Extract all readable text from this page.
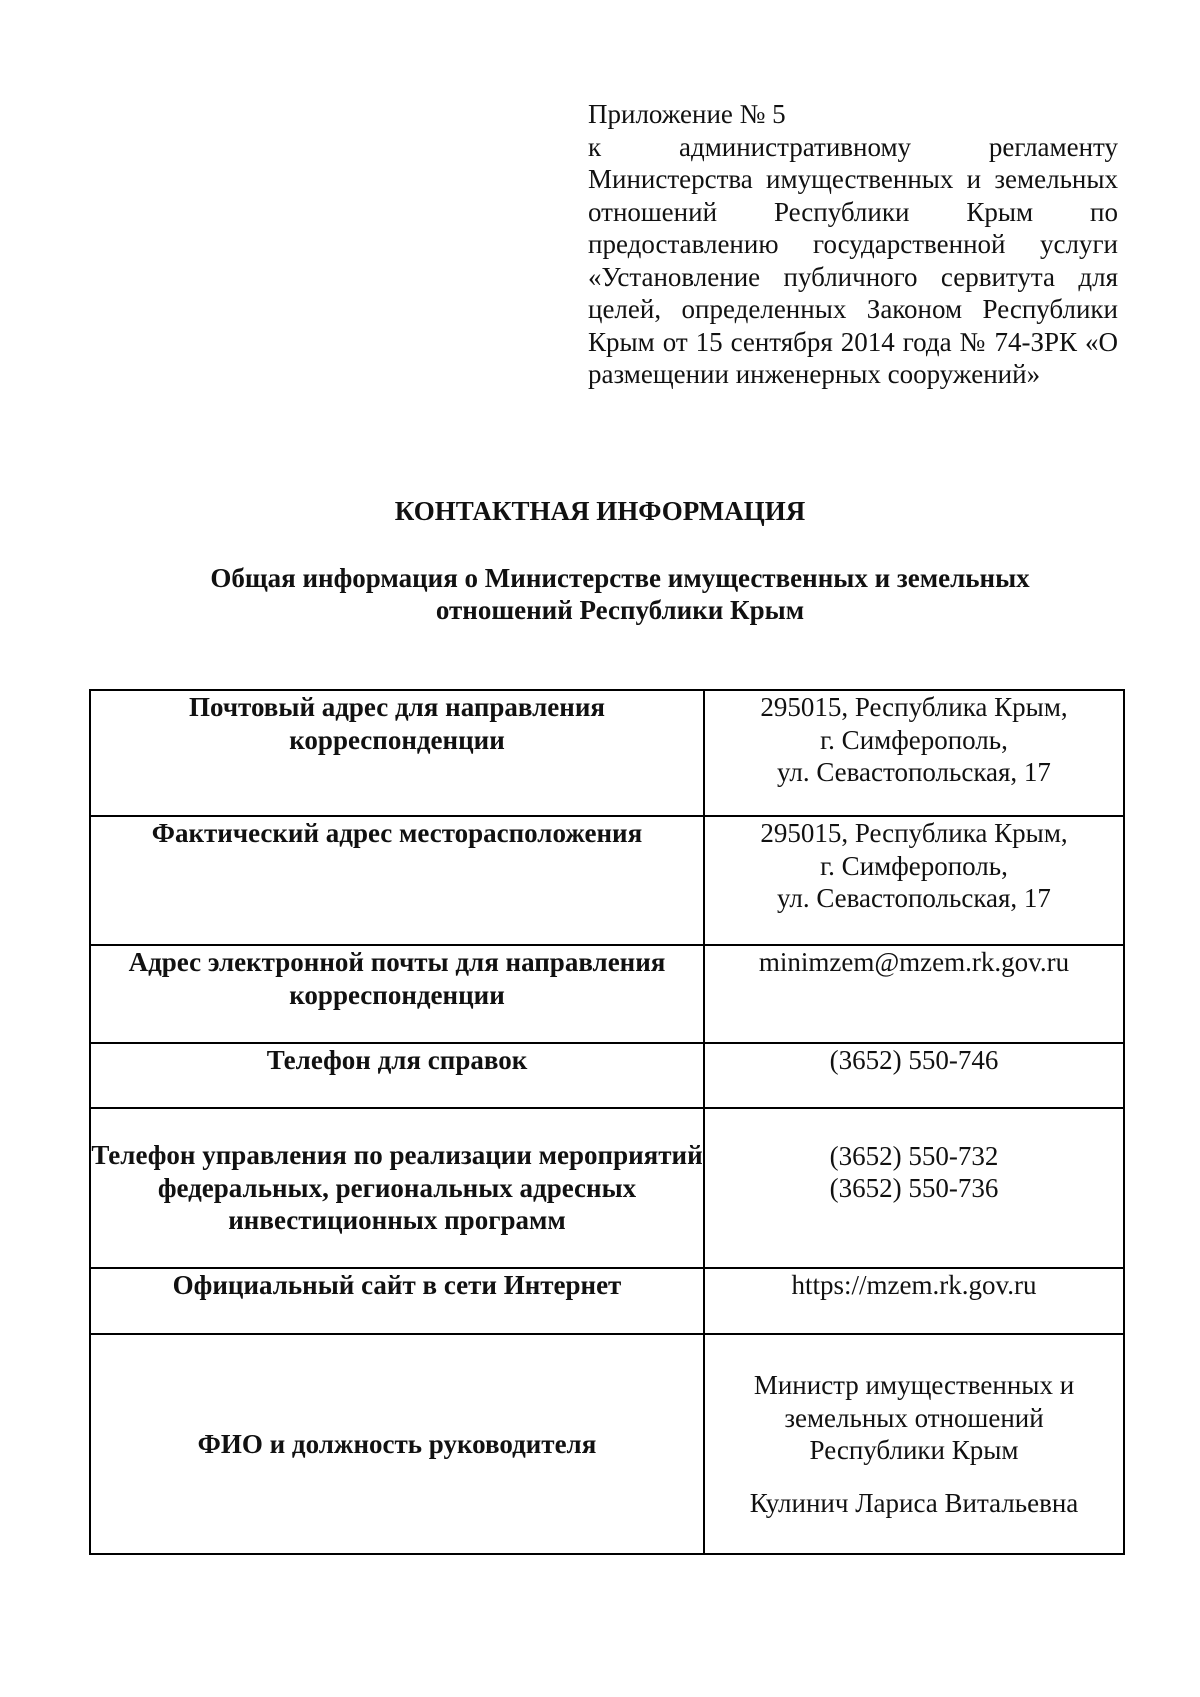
Приложение № 5
к административному регламенту Министерства имущественных и земельных отношений Республики Крым по предоставлению государственной услуги «Установление публичного сервитута для целей, определенных Законом Республики Крым от 15 сентября 2014 года № 74-ЗРК «О размещении инженерных сооружений»
КОНТАКТНАЯ ИНФОРМАЦИЯ
Общая информация о Министерстве имущественных и земельных отношений Республики Крым
Почтовый адрес для направления корреспонденции	295015, Республика Крым,
г. Симферополь,
ул. Севастопольская, 17

Фактический адрес месторасположения	295015, Республика Крым,
г. Симферополь,
ул. Севастопольская, 17

Адрес электронной почты для направления корреспонденции	minimzem@mzem.rk.gov.ru
Телефон для справок	(3652) 550-746
Телефон управления по реализации мероприятий федеральных, региональных адресных инвестиционных программ	(3652) 550-732
(3652) 550-736

Официальный сайт в сети Интернет	https://mzem.rk.gov.ru
ФИО и должность руководителя	Министр имущественных и
земельных отношений
Республики Крым
Кулинич Лариса Витальевна
